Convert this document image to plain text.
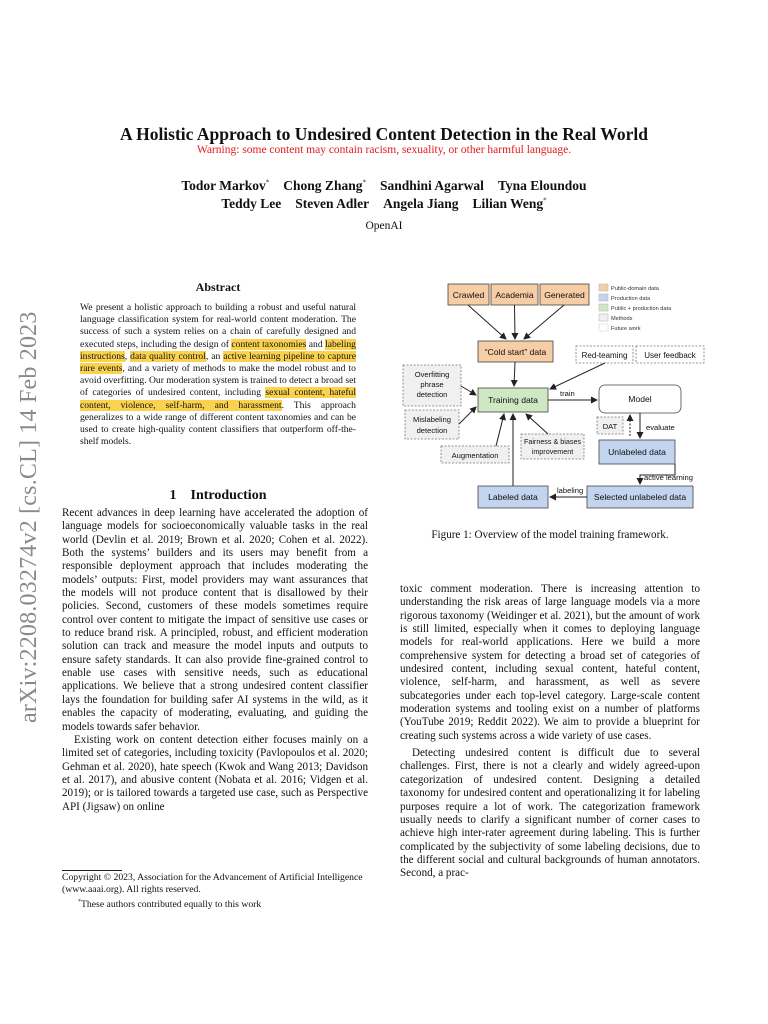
A Holistic Approach to Undesired Content Detection in the Real World
Warning: some content may contain racism, sexuality, or other harmful language.
Todor Markov* Chong Zhang* Sandhini Agarwal Tyna Eloundou
Teddy Lee Steven Adler Angela Jiang Lilian Weng*
OpenAI
arXiv:2208.03274v2 [cs.CL] 14 Feb 2023
Abstract
We present a holistic approach to building a robust and useful natural language classification system for real-world content moderation. The success of such a system relies on a chain of carefully designed and executed steps, including the design of content taxonomies and labeling instructions, data quality control, an active learning pipeline to capture rare events, and a variety of methods to make the model robust and to avoid overfitting. Our moderation system is trained to detect a broad set of categories of undesired content, including sexual content, hateful content, violence, self-harm, and harassment. This approach generalizes to a wide range of different content taxonomies and can be used to create high-quality content classifiers that outperform off-the-shelf models.
1 Introduction

Recent advances in deep learning have accelerated the adoption of language models for socioeconomically valuable tasks in the real world (Devlin et al. 2019; Brown et al. 2020; Cohen et al. 2022). Both the systems’ builders and its users may benefit from a responsible deployment approach that includes moderating the models’ outputs: First, model providers may want assurances that the models will not produce content that is disallowed by their policies. Second, customers of these models sometimes require control over content to mitigate the impact of sensitive use cases or to reduce brand risk. A principled, robust, and efficient moderation solution can track and measure the model inputs and outputs to ensure safety standards. It can also provide fine-grained control to enable use cases with sensitive needs, such as educational applications. We believe that a strong undesired content classifier lays the foundation for building safer AI systems in the wild, as it enables the capacity of moderating, evaluating, and guiding the models towards safer behavior.

Existing work on content detection either focuses mainly on a limited set of categories, including toxicity (Pavlopoulos et al. 2020; Gehman et al. 2020), hate speech (Kwok and Wang 2013; Davidson et al. 2017), and abusive content (Nobata et al. 2016; Vidgen et al. 2019); or is tailored towards a targeted use case, such as Perspective API (Jigsaw) on online

Copyright © 2023, Association for the Advancement of Artificial Intelligence (www.aaai.org). All rights reserved.
*These authors contributed equally to this work

toxic comment moderation. There is increasing attention to understanding the risk areas of large language models via a more rigorous taxonomy (Weidinger et al. 2021), but the amount of work is still limited, especially when it comes to deploying language models for real-world applications. Here we build a more comprehensive system for detecting a broad set of categories of undesired content, including sexual content, hateful content, violence, self-harm, and harassment, as well as severe subcategories under each top-level category. Large-scale content moderation systems and tooling exist on a number of platforms (YouTube 2019; Reddit 2022). We aim to provide a blueprint for creating such systems across a wide variety of use cases.

Detecting undesired content is difficult due to several challenges. First, there is not a clearly and widely agreed-upon categorization of undesired content. Designing a detailed taxonomy for undesired content and operationalizing it for labeling purposes require a lot of work. The categorization framework usually needs to clarify a significant number of corner cases to achieve high inter-rater agreement during labeling. This is further complicated by the subjectivity of some labeling decisions, due to the different social and cultural backgrounds of human annotators. Second, a prac-

Public-domain data
Production data
Public + production data
Methods
Future work
Crawled Academia Generated
“Cold start” data	Red-teaming User feedback
Overfitting
phrase
detection
Training data	Model
Mislabeling
detection	DAT
Fairness & biases
improvement
Augmentation	Unlabeled data
Labeled data	Selected unlabeled data
train
evaluate
active learning
labeling
Figure 1: Overview of the model training framework.
